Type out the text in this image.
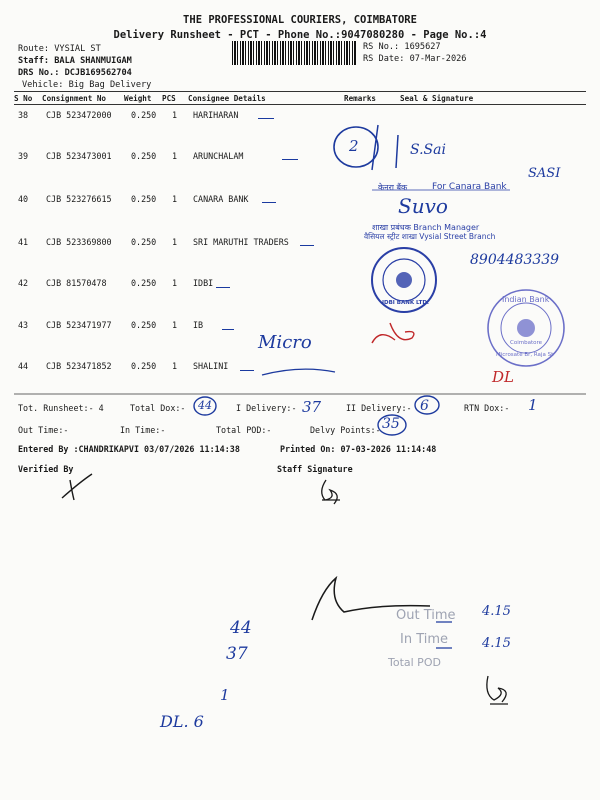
THE PROFESSIONAL COURIERS, COIMBATORE
Delivery Runsheet - PCT - Phone No.:9047080280 - Page No.:4
Route: VYSIAL ST
Staff: BALA SHANMUIGAM
DRS No.: DCJB169562704
Vehicle: Big Bag Delivery
RS No.: 1695627
RS Date: 07-Mar-2026
S No Consignment No Weight PCS Consignee Details	Remarks	Seal & Signature
38 CJB 523472000 0.250 1 HARIHARAN
39 CJB 523473001 0.250 1 ARUNCHALAM
40 CJB 523276615 0.250 1 CANARA BANK
41 CJB 523369800 0.250 1 SRI MARUTHI TRADERS
42 CJB 81570478	0.250 1 IDBI
43 CJB 523471977 0.250 1 IB
44 CJB 523471852 0.250 1 SHALINI
2	S.Sai
SASI
Suvo
8904483339
Micro
DL
केनरा बैंक	For Canara Bank
शाखा प्रबंधक Branch Manager
वैसियल स्ट्रीट शाखा Vysial Street Branch
IDBI BANK LTD.	Indian Bank
Coimbatore
Microsate Br, Raja St
Tot. Runsheet:- 4	Total Dox:-	I Delivery:-	II Delivery:-	RTN Dox:-
Out Time:-	In Time:-	Total POD:-	Delvy Points:-
Entered By :CHANDRIKAPVI 03/07/2026 11:14:38	Printed On: 07-03-2026 11:14:48
Verified By	Staff Signature
44	37	6	1
35
Out Time
In Time
Total POD
44
37
1
DL. 6
4.15
4.15
